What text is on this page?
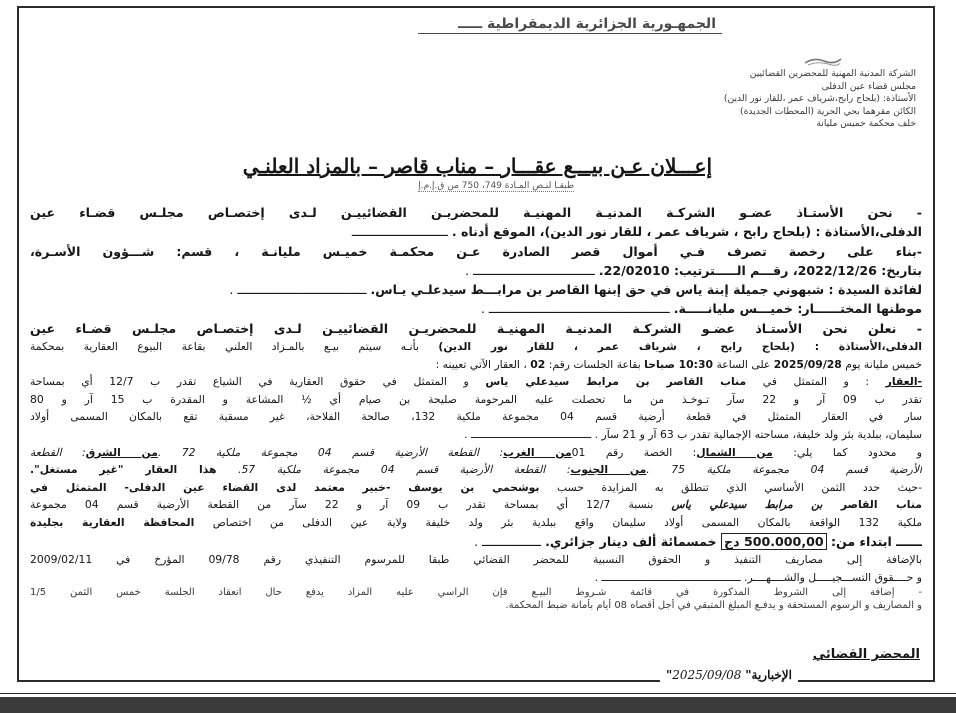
الجمهـورية الجزائرية الديمقراطية ـــــ
الشركة المدنية المهنية للمحضرين القضائيين
مجلس قضاء عين الدفلى
الأستاذة: (بلحاج رابح،شرياف عمر ،للقار نور الدين)
الكائن مقرهما بحي الحرية (المحطات الجديدة)
خلف محكمة خميس مليانة
إعـــلان عـن بيـــع عقـــار – مناب قاصر – بالمزاد العلنـي
طبقـا لنـص المـادة 749، 750 من ق.إ.م.إ
- نحن الأستـاذ عضـو الشركـة المدنيـة المهنيـة للمحضريـن القضائييـن لـدى إختصـاص مجلـس قضـاء عين
الدفلى،الأستاذة : (بلحاج رابح ، شرياف عمر ، للقار نور الدين)، الموقع أدناه . ــــــــــــــــــــــــــ
-بناء على رخصة تصرف فـي أموال قصر الصادرة عـن محكمـة خميـس مليانـة ، قسم: شـــؤون الأسـرة،
بتاريخ: 2022/12/26، رقـــم الـــــترتيب: 22/02010. ـــــــــــــــــــــــــــــــــ .
لفائدة السيدة : شبهوني جميلة إبنة ياس في حق إبنها القاصر بن مرابـــط سيدعلـي يـاس. ـــــــــــــــــــــــــــــــــــ .
موطنها المختــــــار: خميـــس مليانـــــة. ـــــــــــــــــــــــــــــــــــــــــــــــــ .
- نعلن نحن الأستـاذ عضـو الشركـة المدنيـة المهنيـة للمحضريـن القضائييـن لـدى إختصـاص مجلـس قضـاء عين
الدفلى،الأستاذة : (بلحاج رابح ، شرياف عمر ، للقار نور الدين) بأنـه سيتم بيـع بالمـزاد العلني بقاعة البيوع العقارية بمحكمة
خميس مليانة يوم 2025/09/28 على الساعة 10:30 صباحا بقاعة الجلسات رقم: 02 ، العقار الآتي تعيينه :
-العقار : و المتمثل في مناب القاصر بن مرابط سيدعلي ياس و المتمثل في حقوق العقارية في الشياع تقدر ب 12/7 أي بمساحة
تقدر ب 09 آر و 22 سآر تـوخـذ من ما تحصلت عليه المرحومة صليحة بن صيام أي ½ المشاعة و المقدرة ب 15 آر و 80
سار في العقار المتمثل في قطعة أرضية قسم 04 مجموعة ملكية 132، صالحة الفلاحة، غير مسقية تقع بالمكان المسمى أولاد
سليمان، ببلدية بئر ولد خليفة، مساحته الإجمالية تقدر ب 63 آر و 21 سآر . ــــــــــــــــــــــــــــــــــــــ .
و محدود كما يلي: من الشمال: الخصة رقم 01من الغرب: القطعة الأرضية قسم 04 مجموعة ملكية 72 .من الشرق: القطعة
الأرضية قسم 04 مجموعة ملكية 75 .من الجنوب: القطعة الأرضية قسم 04 مجموعة ملكية 57. هذا العقار "غير مستغل".
-حيث حدد الثمن الأساسي الذي تنطلق به المزايدة حسب بوشحمي بن يوسف -خبير معتمد لدى القضاء عين الدفلى- المتمثل في
مناب القاصر بن مرابط سيدعلي ياس بنسبة 12/7 أي بمساحة تقدر ب 09 آر و 22 سآر من القطعة الأرضية قسم 04 مجموعة
ملكية 132 الواقعة بالمكان المسمى أولاد سليمان واقع ببلدية بئر ولد خليفة ولاية عين الدفلى من اختصاص المحافظة العقارية بجليدة
ــــــ ابتداء من: 500.000,00 دج خمسمائة ألف دينار جزائري. ــــــــــــــــ .
بالإضافة إلى مصاريف التنفيذ و الحقوق النسبية للمحضر القضائي طبقا للمرسوم التنفيذي رقم 09/78 المؤرخ في 2009/02/11
و حــــقوق التســـجيـــــل والشــــهــــر. ــــــــــــــــــــــــــــــــــــــــــــ .
- إضافة إلى الشروط المذكورة في قائمة شـروط البيـع فإن الراسي عليه المزاد يدفع حال انعقاد الجلسة خمس الثمن 1/5
و المصاريف و الرسوم المستحقة و يدفـع المبلغ المتبقي في أجل أقصاه 08 أيام بأمانة ضبط المحكمة.
المحضر القضائي
"الإخبارية" 2025/09/08
